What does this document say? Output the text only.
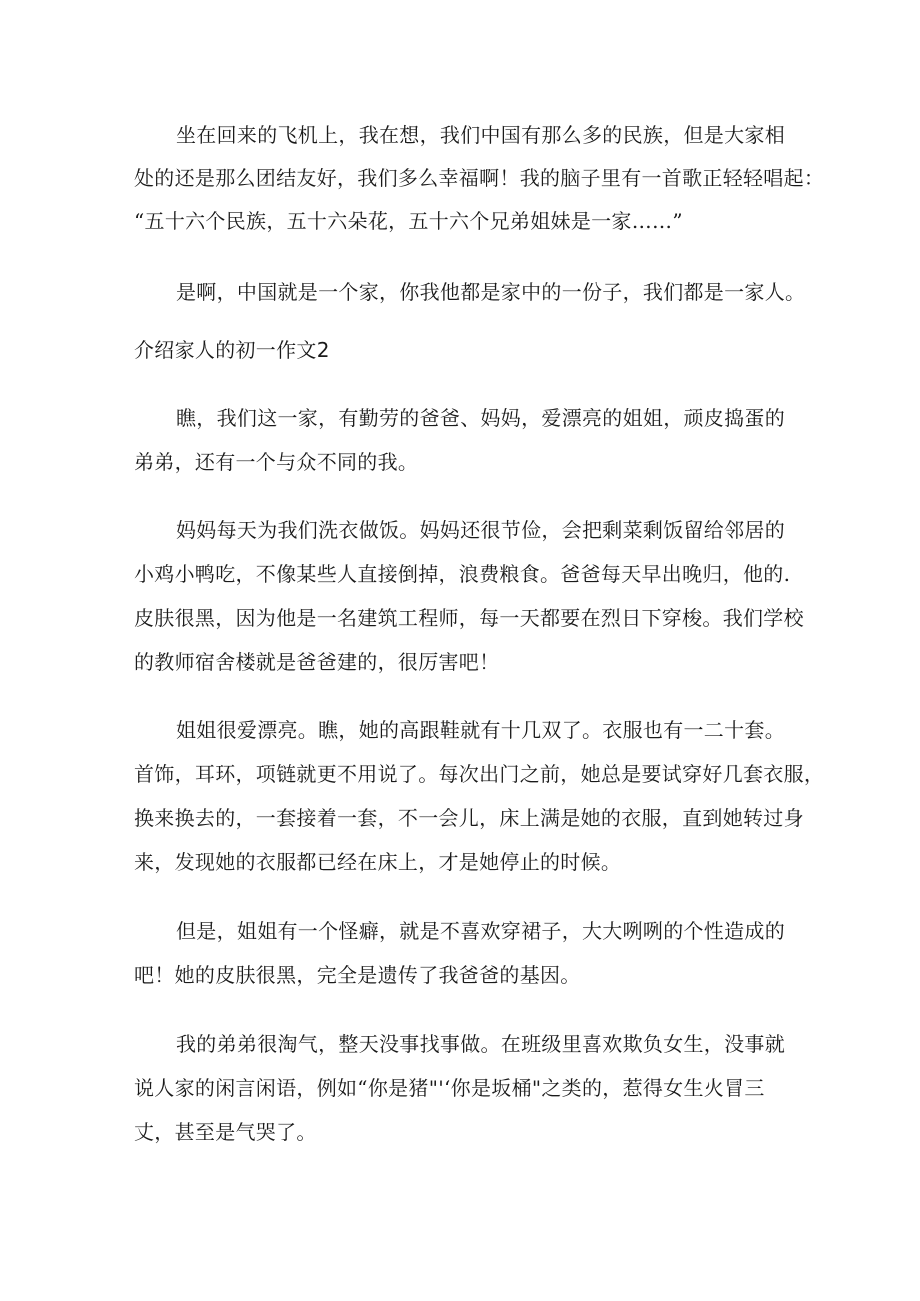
坐在回来的飞机上，我在想，我们中国有那么多的民族，但是大家相
处的还是那么团结友好，我们多么幸福啊！我的脑子里有一首歌正轻轻唱起：
“五十六个民族，五十六朵花，五十六个兄弟姐妹是一家……”
是啊，中国就是一个家，你我他都是家中的一份子，我们都是一家人。
介绍家人的初一作文2
瞧，我们这一家，有勤劳的爸爸、妈妈，爱漂亮的姐姐，顽皮捣蛋的
弟弟，还有一个与众不同的我。
妈妈每天为我们洗衣做饭。妈妈还很节俭，会把剩菜剩饭留给邻居的
小鸡小鸭吃，不像某些人直接倒掉，浪费粮食。爸爸每天早出晚归，他的.
皮肤很黑，因为他是一名建筑工程师，每一天都要在烈日下穿梭。我们学校
的教师宿舍楼就是爸爸建的，很厉害吧！
姐姐很爱漂亮。瞧，她的高跟鞋就有十几双了。衣服也有一二十套。
首饰，耳环，项链就更不用说了。每次出门之前，她总是要试穿好几套衣服，
换来换去的，一套接着一套，不一会儿，床上满是她的衣服，直到她转过身
来，发现她的衣服都已经在床上，才是她停止的时候。
但是，姐姐有一个怪癖，就是不喜欢穿裙子，大大咧咧的个性造成的
吧！她的皮肤很黑，完全是遗传了我爸爸的基因。
我的弟弟很淘气，整天没事找事做。在班级里喜欢欺负女生，没事就
说人家的闲言闲语，例如“你是猪"'‘你是坂桶"之类的，惹得女生火冒三
丈，甚至是气哭了。
